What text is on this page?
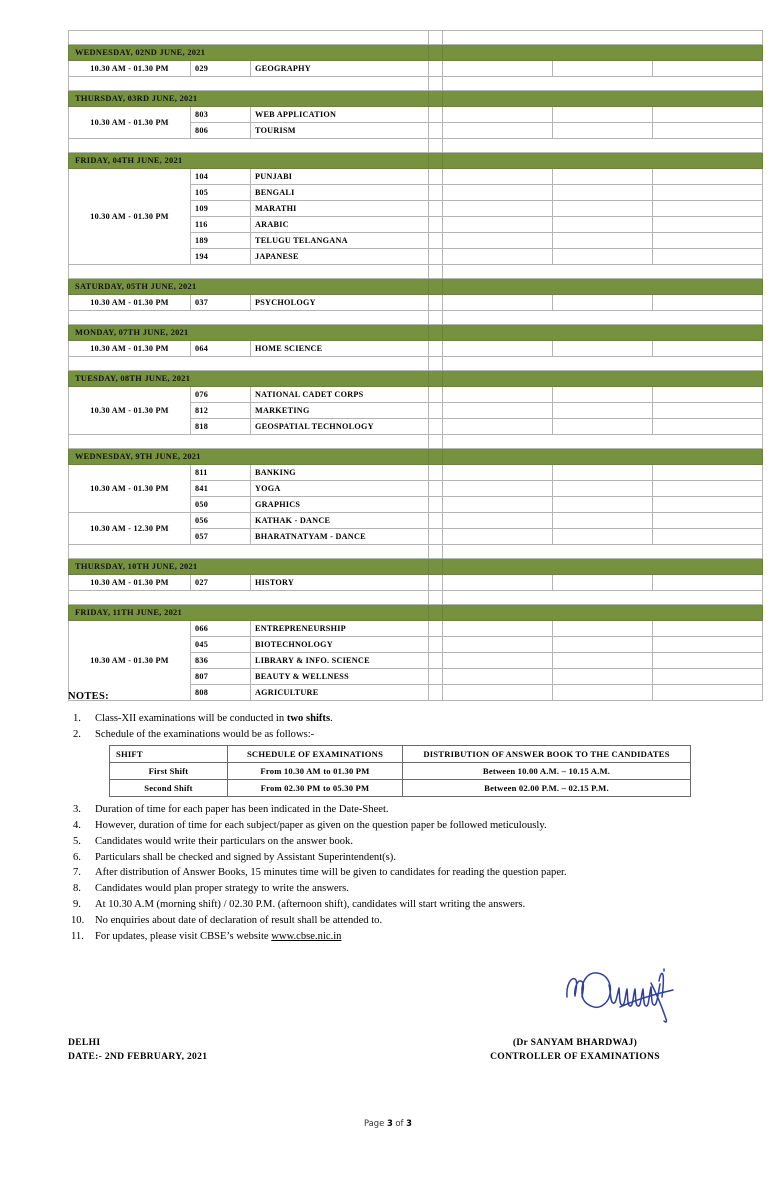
WEDNESDAY, 02ND JUNE, 2021						
10.30 AM - 01.30 PM	029	GEOGRAPHY				

THURSDAY, 03RD JUNE, 2021						
10.30 AM - 01.30 PM	803	WEB APPLICATION				
	806	TOURISM				

FRIDAY, 04TH JUNE, 2021						
10.30 AM - 01.30 PM	104	PUNJABI				
	105	BENGALI				
	109	MARATHI				
	116	ARABIC				
	189	TELUGU TELANGANA				
	194	JAPANESE				

SATURDAY, 05TH JUNE, 2021						
10.30 AM - 01.30 PM	037	PSYCHOLOGY				

MONDAY, 07TH JUNE, 2021						
10.30 AM - 01.30 PM	064	HOME SCIENCE				

TUESDAY, 08TH JUNE, 2021						
10.30 AM - 01.30 PM	076	NATIONAL CADET CORPS				
	812	MARKETING				
	818	GEOSPATIAL TECHNOLOGY				

WEDNESDAY, 9TH JUNE, 2021						
10.30 AM - 01.30 PM	811	BANKING				
	841	YOGA				
	050	GRAPHICS				
10.30 AM - 12.30 PM	056	KATHAK - DANCE				
	057	BHARATNATYAM - DANCE				

THURSDAY, 10TH JUNE, 2021						
10.30 AM - 01.30 PM	027	HISTORY				

FRIDAY, 11TH JUNE, 2021						
10.30 AM - 01.30 PM	066	ENTREPRENEURSHIP				
	045	BIOTECHNOLOGY				
	836	LIBRARY & INFO. SCIENCE				
	807	BEAUTY & WELLNESS				
	808	AGRICULTURE				
NOTES:
1.	Class-XII examinations will be conducted in two shifts.
2.	Schedule of the examinations would be as follows:-
SHIFT	SCHEDULE OF EXAMINATIONS	DISTRIBUTION OF ANSWER BOOK TO THE CANDIDATES
First Shift	From 10.30 AM to 01.30 PM	Between 10.00 A.M. – 10.15 A.M.
Second Shift	From 02.30 PM to 05.30 PM	Between 02.00 P.M. – 02.15 P.M.
3.	Duration of time for each paper has been indicated in the Date-Sheet.
4.	However, duration of time for each subject/paper as given on the question paper be followed meticulously.
5.	Candidates would write their particulars on the answer book.
6.	Particulars shall be checked and signed by Assistant Superintendent(s).
7.	After distribution of Answer Books, 15 minutes time will be given to candidates for reading the question paper.
8.	Candidates would plan proper strategy to write the answers.
9.	At 10.30 A.M (morning shift) / 02.30 P.M. (afternoon shift), candidates will start writing the answers.
10.	No enquiries about date of declaration of result shall be attended to.
11.	For updates, please visit CBSE’s website www.cbse.nic.in
DELHI
DATE:- 2ND FEBRUARY, 2021
(Dr SANYAM BHARDWAJ)
CONTROLLER OF EXAMINATIONS
Page 3 of 3
